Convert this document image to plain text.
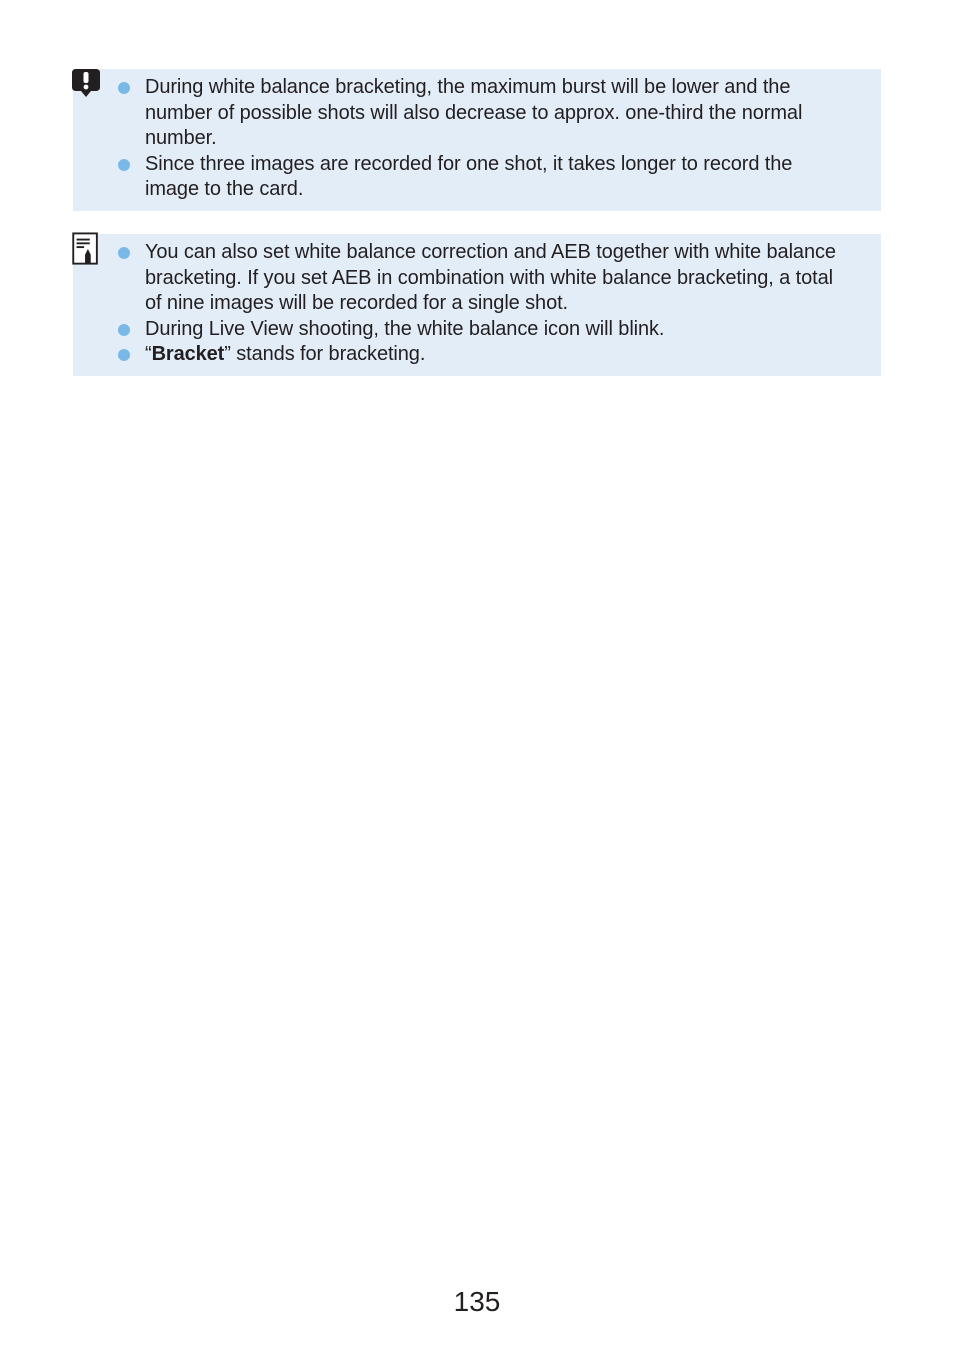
During white balance bracketing, the maximum burst will be lower and the number of possible shots will also decrease to approx. one-third the normal number.
Since three images are recorded for one shot, it takes longer to record the image to the card.
You can also set white balance correction and AEB together with white balance bracketing. If you set AEB in combination with white balance bracketing, a total of nine images will be recorded for a single shot.
During Live View shooting, the white balance icon will blink.
“Bracket” stands for bracketing.
135
